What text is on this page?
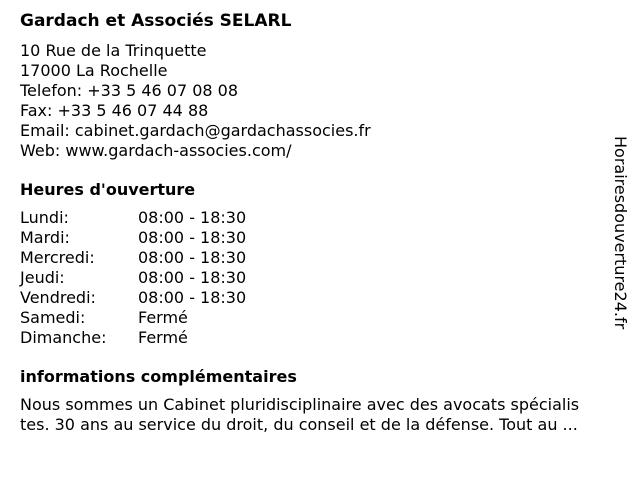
Gardach et Associés SELARL
10 Rue de la Trinquette
17000 La Rochelle
Telefon: +33 5 46 07 08 08
Fax: +33 5 46 07 44 88
Email: cabinet.gardach@gardachassocies.fr
Web: www.gardach-associes.com/
Heures d'ouverture
Lundi:	08:00 - 18:30
Mardi:	08:00 - 18:30
Mercredi:	08:00 - 18:30
Jeudi:	08:00 - 18:30
Vendredi:	08:00 - 18:30
Samedi:	Fermé
Dimanche:	Fermé
informations complémentaires
Nous sommes un Cabinet pluridisciplinaire avec des avocats spécialis
tes. 30 ans au service du droit, du conseil et de la défense. Tout au ...
Horairesdouverture24.fr
